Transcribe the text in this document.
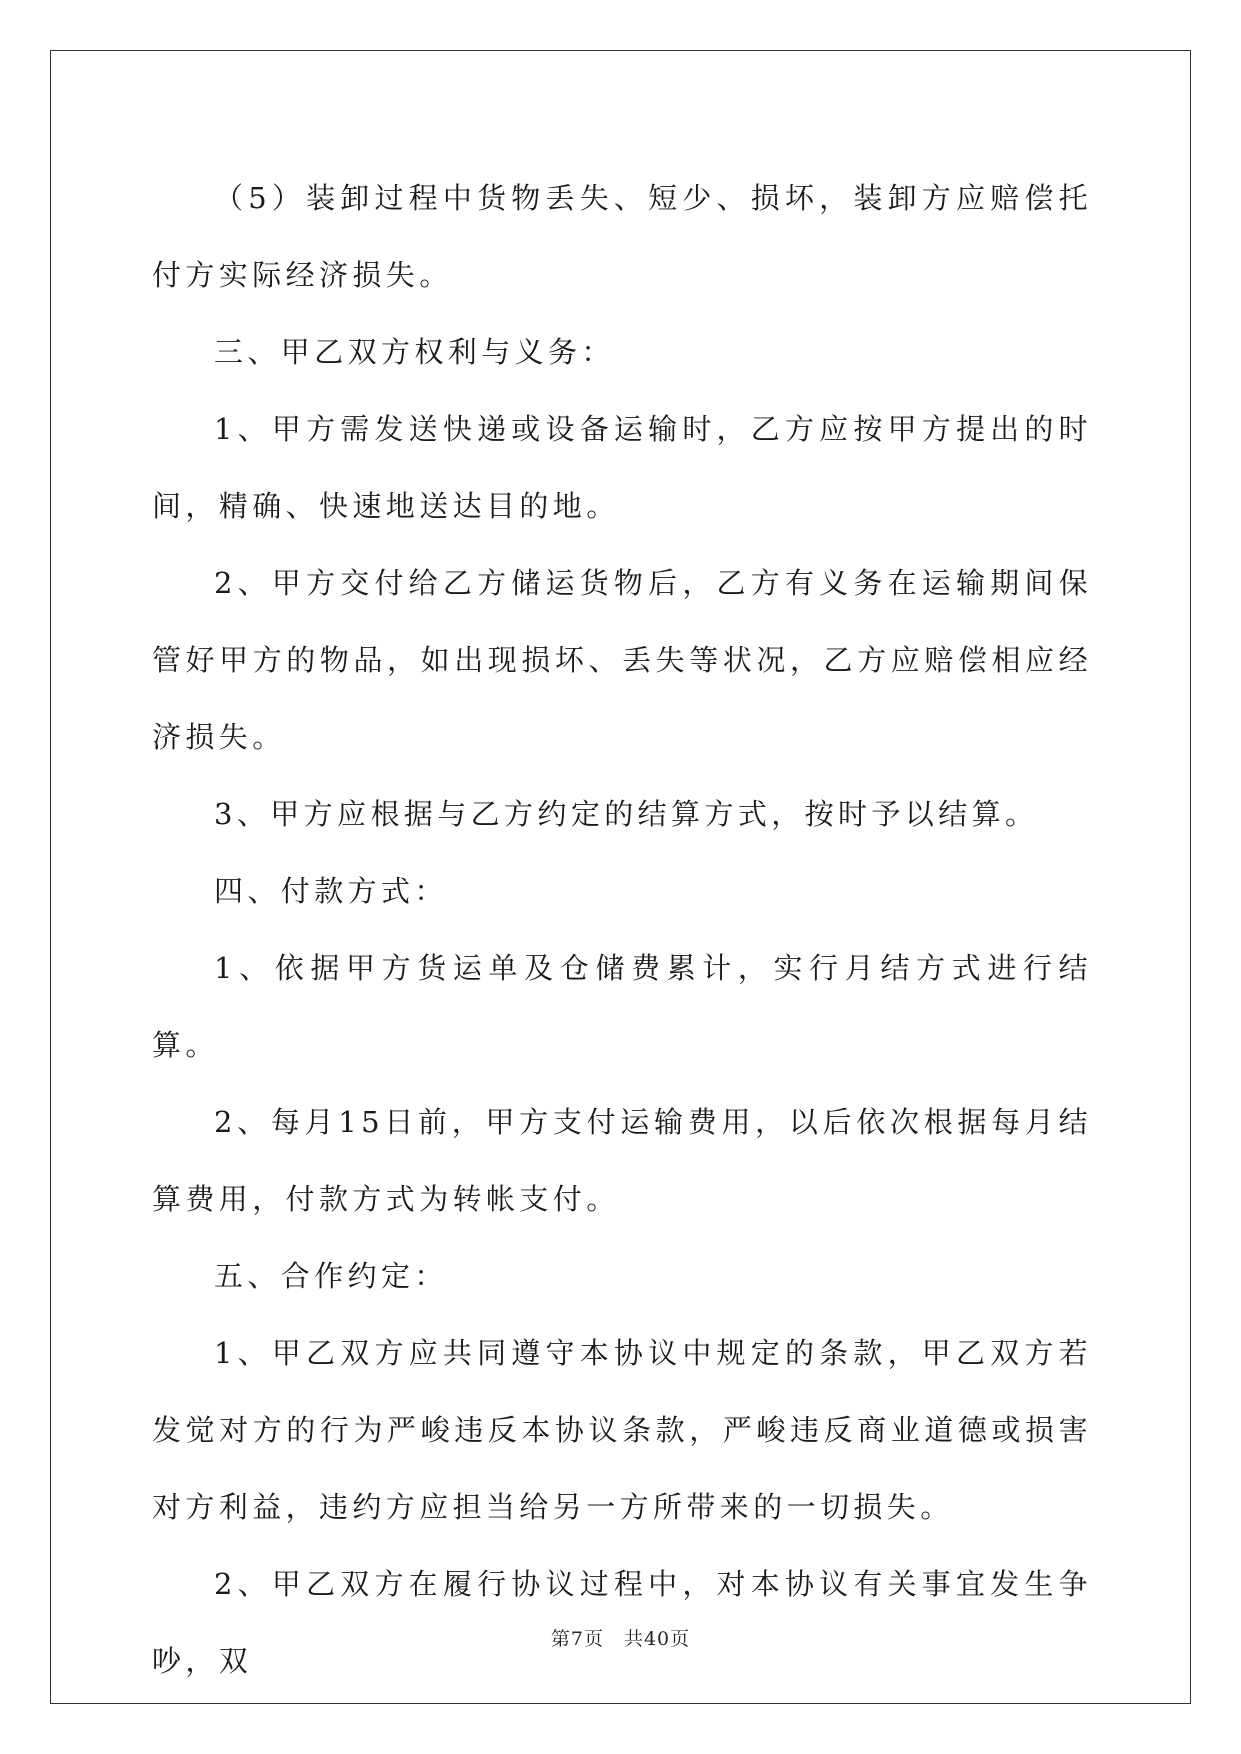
（5）装卸过程中货物丢失、短少、损坏，装卸方应赔偿托付方实际经济损失。

三、甲乙双方权利与义务：

1、甲方需发送快递或设备运输时，乙方应按甲方提出的时间，精确、快速地送达目的地。

2、甲方交付给乙方储运货物后，乙方有义务在运输期间保管好甲方的物品，如出现损坏、丢失等状况，乙方应赔偿相应经济损失。

3、甲方应根据与乙方约定的结算方式，按时予以结算。

四、付款方式：

1、依据甲方货运单及仓储费累计，实行月结方式进行结算。

2、每月15日前，甲方支付运输费用，以后依次根据每月结算费用，付款方式为转帐支付。

五、合作约定：

1、甲乙双方应共同遵守本协议中规定的条款，甲乙双方若发觉对方的行为严峻违反本协议条款，严峻违反商业道德或损害对方利益，违约方应担当给另一方所带来的一切损失。

2、甲乙双方在履行协议过程中，对本协议有关事宜发生争吵，双

第7页　共40页
